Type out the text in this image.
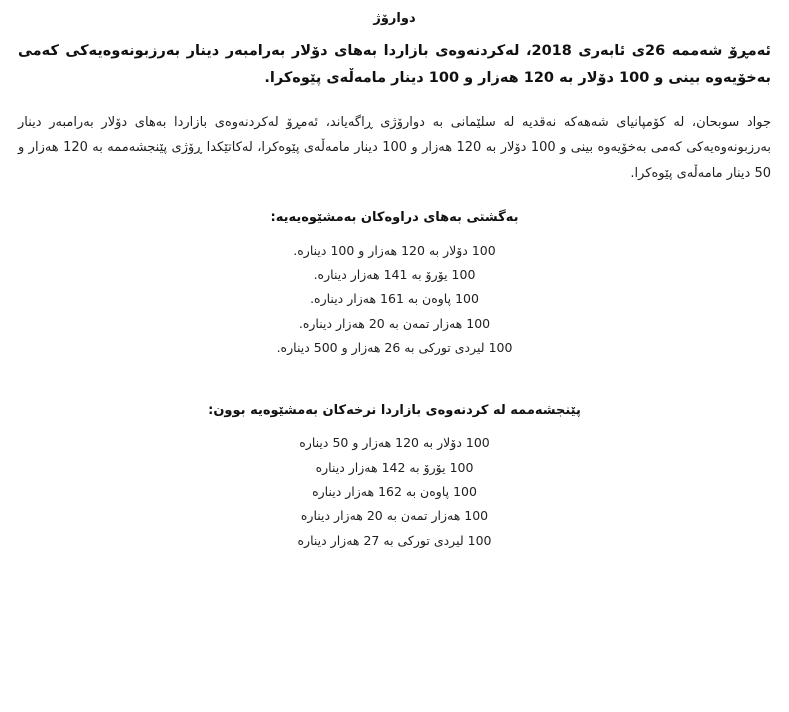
دوارۆژ

ئەمڕۆ شەممە 26ی ئابەری 2018، لەکردنەوەی بازاردا بەهای دۆلار بەرامبەر دینار بەرزبونەوەیەکی کەمی بەخۆیەوە بینی و 100 دۆلار بە 120 هەزار و 100 دینار مامەڵەی پێوەکرا.

جواد سوبحان، لە کۆمپانیای شەهەکە نەقدیە لە سلێمانی بە دوارۆژی ڕاگەیاند، ئەمڕۆ لەکردنەوەی بازاردا بەهای دۆلار بەرامبەر دینار بەرزبونەوەیەکی کەمی بەخۆیەوە بینی و 100 دۆلار بە 120 هەزار و 100 دینار مامەڵەی پێوەکرا، لەکاتێکدا ڕۆژی پێنجشەممە بە 120 هەزار و 50 دینار مامەڵەی پێوەکرا.

بەگشتی بەهای دراوەکان بەمشێوەیەیە:
100 دۆلار بە 120 هەزار و 100 دیناره.
100 یۆرۆ بە 141 هەزار دیناره.
100 پاوەن بە 161 هەزار دیناره.
100 هەزار تمەن بە 20 هەزار دیناره.
100 لیردی تورکی بە 26 هەزار و 500 دیناره.
پێنجشەممە لە کردنەوەی بازاردا نرخەکان بەمشێوەیە بوون:
100 دۆلار بە 120 هەزار و 50 دیناره
100 یۆرۆ بە 142 هەزار دیناره
100 پاوەن بە 162 هەزار دیناره
100 هەزار تمەن بە 20 هەزار دیناره
100 لیردی تورکی بە 27 هەزار دیناره
